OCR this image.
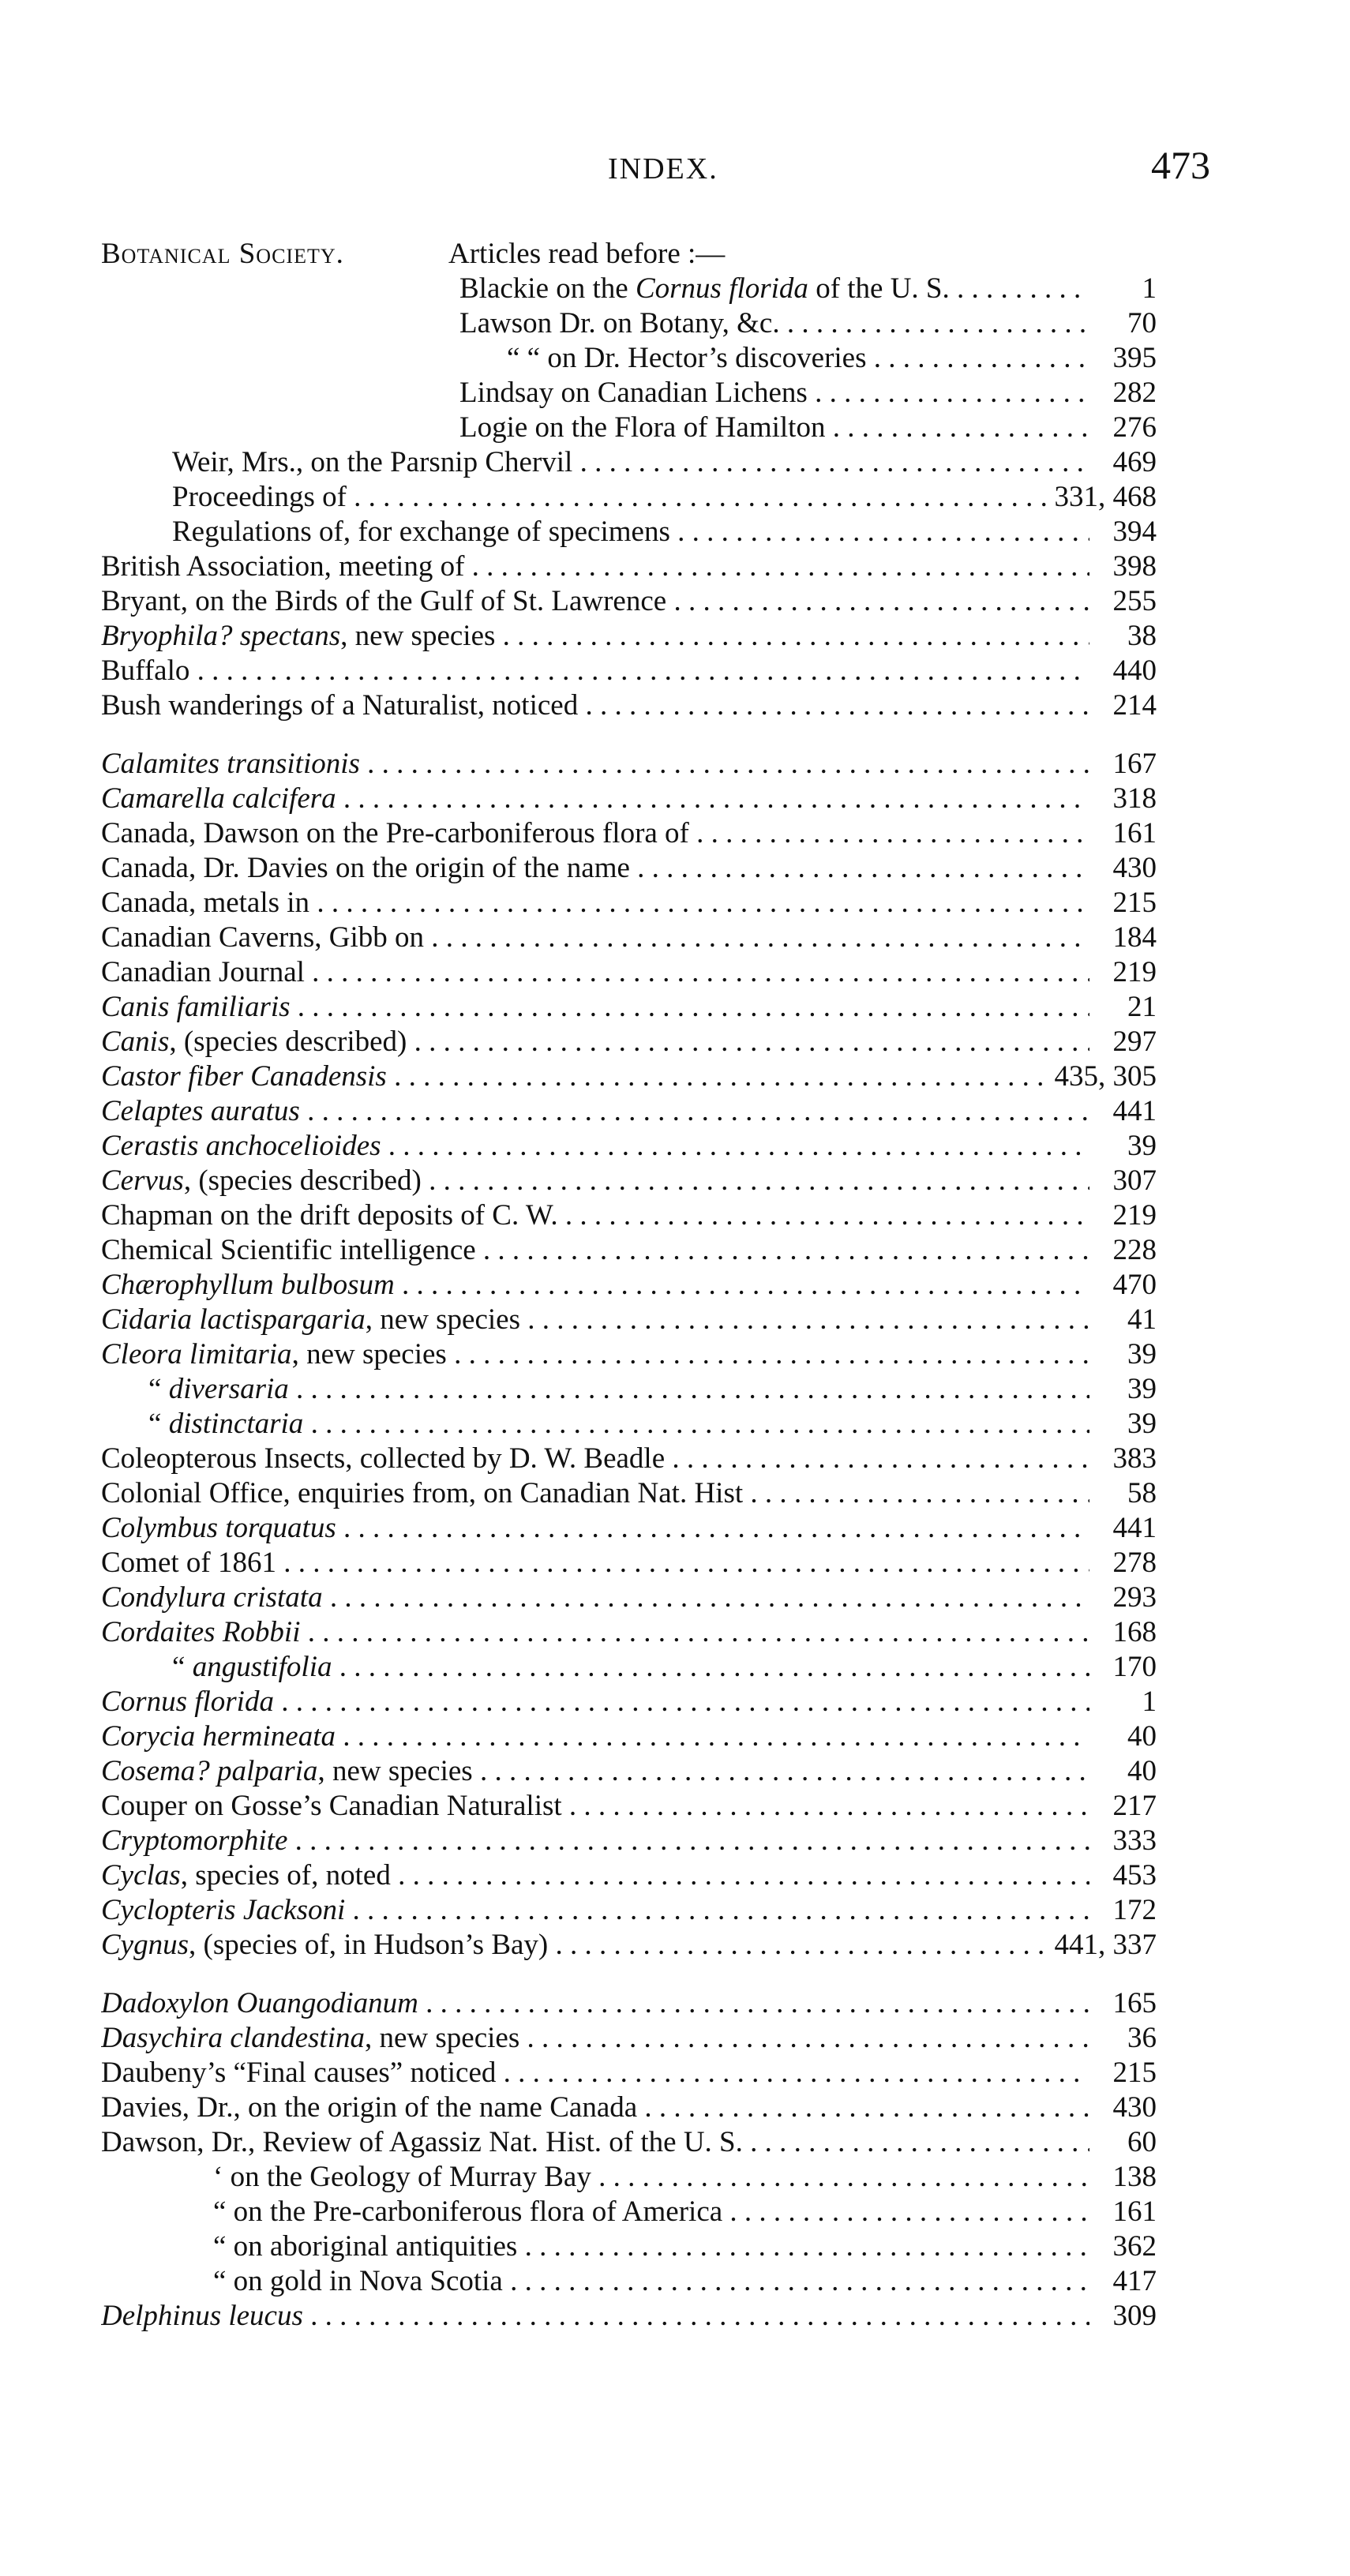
INDEX.	473
Botanical Society.	Articles read before :—
Blackie on the Cornus florida of the U. S. . . .	1
Lawson Dr. on Botany, &c. . . .	70
“ “ on Dr. Hector’s discoveries . . .	395
Lindsay on Canadian Lichens . . .	282
Logie on the Flora of Hamilton . . .	276
Weir, Mrs., on the Parsnip Chervil . . .	469
Proceedings of . . .	331, 468
Regulations of, for exchange of specimens . . .	394
British Association, meeting of . . .	398
Bryant, on the Birds of the Gulf of St. Lawrence . . .	255
Bryophila? spectans, new species . . .	38
Buffalo . . .	440
Bush wanderings of a Naturalist, noticed . . .	214
Calamites transitionis . . .	167
Camarella calcifera . . .	318
Canada, Dawson on the Pre-carboniferous flora of . . .	161
Canada, Dr. Davies on the origin of the name . . .	430
Canada, metals in . . .	215
Canadian Caverns, Gibb on . . .	184
Canadian Journal . . .	219
Canis familiaris . . .	21
Canis, (species described) . . .	297
Castor fiber Canadensis . . .	435, 305
Celaptes auratus . . .	441
Cerastis anchocelioides . . .	39
Cervus, (species described) . . .	307
Chapman on the drift deposits of C. W. . . .	219
Chemical Scientific intelligence . . .	228
Chærophyllum bulbosum . . .	470
Cidaria lactispargaria, new species . . .	41
Cleora limitaria, new species . . .	39
“ diversaria . . .	39
“ distinctaria . . .	39
Coleopterous Insects, collected by D. W. Beadle . . .	383
Colonial Office, enquiries from, on Canadian Nat. Hist . . .	58
Colymbus torquatus . . .	441
Comet of 1861 . . .	278
Condylura cristata . . .	293
Cordaites Robbii . . .	168
“ angustifolia . . .	170
Cornus florida . . .	1
Corycia hermineata . . .	40
Cosema? palparia, new species . . .	40
Couper on Gosse’s Canadian Naturalist . . .	217
Cryptomorphite . . .	333
Cyclas, species of, noted . . .	453
Cyclopteris Jacksoni . . .	172
Cygnus, (species of, in Hudson’s Bay) . . .	441, 337
Dadoxylon Ouangodianum . . .	165
Dasychira clandestina, new species . . .	36
Daubeny’s “Final causes” noticed . . .	215
Davies, Dr., on the origin of the name Canada . . .	430
Dawson, Dr., Review of Agassiz Nat. Hist. of the U. S. . . .	60
‘ on the Geology of Murray Bay . . .	138
“ on the Pre-carboniferous flora of America . . .	161
“ on aboriginal antiquities . . .	362
“ on gold in Nova Scotia . . .	417
Delphinus leucus . . .	309
